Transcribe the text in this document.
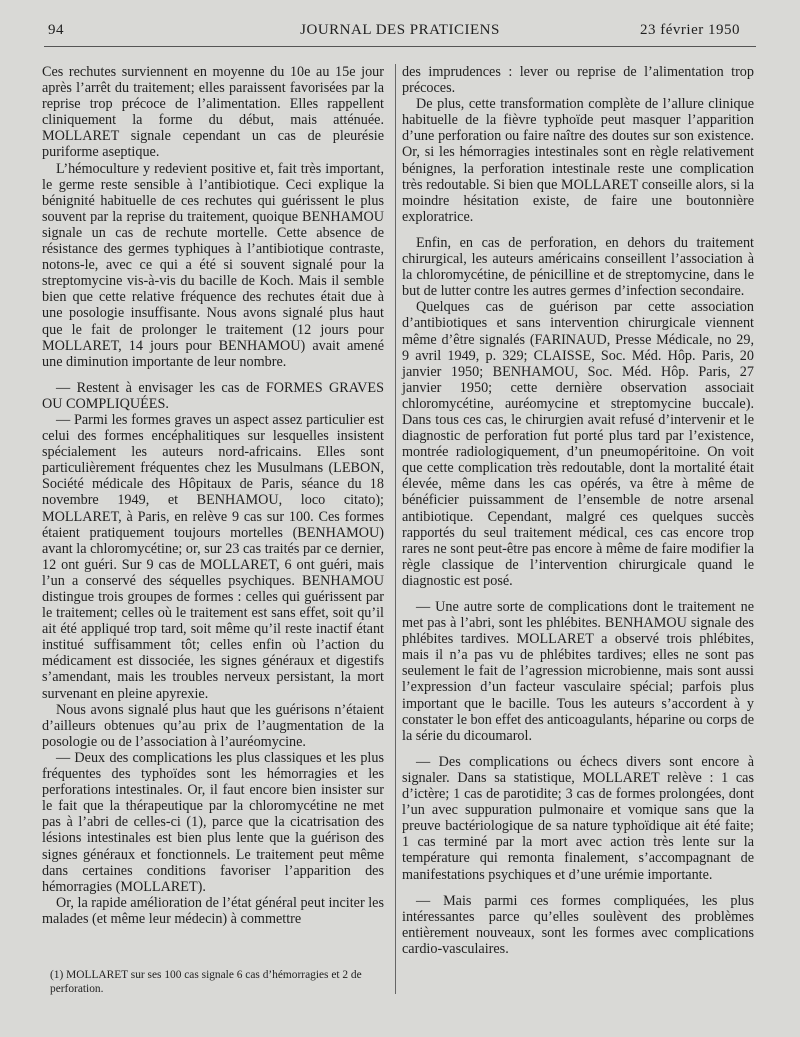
94	JOURNAL DES PRATICIENS	23 février 1950

Ces rechutes surviennent en moyenne du 10e au 15e jour après l’arrêt du traitement; elles paraissent favorisées par la reprise trop précoce de l’alimentation. Elles rappellent cliniquement la forme du début, mais atténuée. MOLLARET signale cependant un cas de pleurésie puriforme aseptique.

L’hémoculture y redevient positive et, fait très important, le germe reste sensible à l’antibiotique. Ceci explique la bénignité habituelle de ces rechutes qui guérissent le plus souvent par la reprise du traitement, quoique BENHAMOU signale un cas de rechute mortelle. Cette absence de résistance des germes typhiques à l’antibiotique contraste, notons-le, avec ce qui a été si souvent signalé pour la streptomycine vis-à-vis du bacille de Koch. Mais il semble bien que cette relative fréquence des rechutes était due à une posologie insuffisante. Nous avons signalé plus haut que le fait de prolonger le traitement (12 jours pour MOLLARET, 14 jours pour BENHAMOU) avait amené une diminution importante de leur nombre.

— Restent à envisager les cas de FORMES GRAVES OU COMPLIQUÉES.

— Parmi les formes graves un aspect assez particulier est celui des formes encéphalitiques sur lesquelles insistent spécialement les auteurs nord-africains. Elles sont particulièrement fréquentes chez les Musulmans (LEBON, Société médicale des Hôpitaux de Paris, séance du 18 novembre 1949, et BENHAMOU, loco citato); MOLLARET, à Paris, en relève 9 cas sur 100. Ces formes étaient pratiquement toujours mortelles (BENHAMOU) avant la chloromycétine; or, sur 23 cas traités par ce dernier, 12 ont guéri. Sur 9 cas de MOLLARET, 6 ont guéri, mais l’un a conservé des séquelles psychiques. BENHAMOU distingue trois groupes de formes : celles qui guérissent par le traitement; celles où le traitement est sans effet, soit qu’il ait été appliqué trop tard, soit même qu’il reste inactif étant institué suffisamment tôt; celles enfin où l’action du médicament est dissociée, les signes généraux et digestifs s’amendant, mais les troubles nerveux persistant, la mort survenant en pleine apyrexie.

Nous avons signalé plus haut que les guérisons n’étaient d’ailleurs obtenues qu’au prix de l’augmentation de la posologie ou de l’association à l’auréomycine.

— Deux des complications les plus classiques et les plus fréquentes des typhoïdes sont les hémorragies et les perforations intestinales. Or, il faut encore bien insister sur le fait que la thérapeutique par la chloromycétine ne met pas à l’abri de celles-ci (1), parce que la cicatrisation des lésions intestinales est bien plus lente que la guérison des signes généraux et fonctionnels. Le traitement peut même dans certaines conditions favoriser l’apparition des hémorragies (MOLLARET).

Or, la rapide amélioration de l’état général peut inciter les malades (et même leur médecin) à commettre

des imprudences : lever ou reprise de l’alimentation trop précoces.

De plus, cette transformation complète de l’allure clinique habituelle de la fièvre typhoïde peut masquer l’apparition d’une perforation ou faire naître des doutes sur son existence. Or, si les hémorragies intestinales sont en règle relativement bénignes, la perforation intestinale reste une complication très redoutable. Si bien que MOLLARET conseille alors, si la moindre hésitation existe, de faire une boutonnière exploratrice.

Enfin, en cas de perforation, en dehors du traitement chirurgical, les auteurs américains conseillent l’association à la chloromycétine, de pénicilline et de streptomycine, dans le but de lutter contre les autres germes d’infection secondaire.

Quelques cas de guérison par cette association d’antibiotiques et sans intervention chirurgicale viennent même d’être signalés (FARINAUD, Presse Médicale, no 29, 9 avril 1949, p. 329; CLAISSE, Soc. Méd. Hôp. Paris, 20 janvier 1950; BENHAMOU, Soc. Méd. Hôp. Paris, 27 janvier 1950; cette dernière observation associait chloromycétine, auréomycine et streptomycine buccale). Dans tous ces cas, le chirurgien avait refusé d’intervenir et le diagnostic de perforation fut porté plus tard par l’existence, montrée radiologiquement, d’un pneumopéritoine. On voit que cette complication très redoutable, dont la mortalité était élevée, même dans les cas opérés, va être à même de bénéficier puissamment de l’ensemble de notre arsenal antibiotique. Cependant, malgré ces quelques succès rapportés du seul traitement médical, ces cas encore trop rares ne sont peut-être pas encore à même de faire modifier la règle classique de l’intervention chirurgicale quand le diagnostic est posé.

— Une autre sorte de complications dont le traitement ne met pas à l’abri, sont les phlébites. BENHAMOU signale des phlébites tardives. MOLLARET a observé trois phlébites, mais il n’a pas vu de phlébites tardives; elles ne sont pas seulement le fait de l’agression microbienne, mais sont aussi l’expression d’un facteur vasculaire spécial; parfois plus important que le bacille. Tous les auteurs s’accordent à y constater le bon effet des anticoagulants, héparine ou corps de la série du dicoumarol.

— Des complications ou échecs divers sont encore à signaler. Dans sa statistique, MOLLARET relève : 1 cas d’ictère; 1 cas de parotidite; 3 cas de formes prolongées, dont l’un avec suppuration pulmonaire et vomique sans que la preuve bactériologique de sa nature typhoïdique ait été faite; 1 cas terminé par la mort avec action très lente sur la température qui remonta finalement, s’accompagnant de manifestations psychiques et d’une urémie importante.

— Mais parmi ces formes compliquées, les plus intéressantes parce qu’elles soulèvent des problèmes entièrement nouveaux, sont les formes avec complications cardio-vasculaires.

(1) MOLLARET sur ses 100 cas signale 6 cas d’hémorragies et 2 de perforation.
